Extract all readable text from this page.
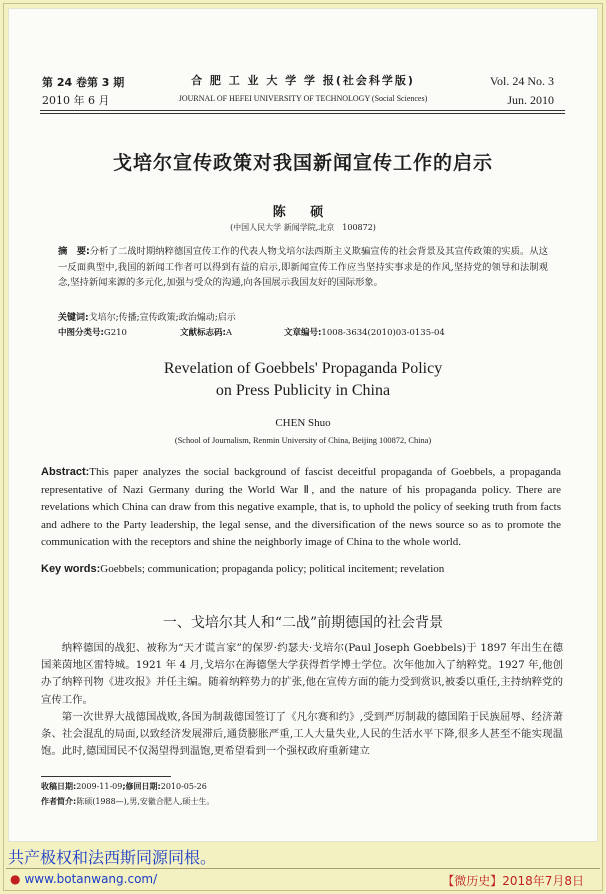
第 24 卷第 3 期
2010 年 6 月
合 肥 工 业 大 学 学 报(社会科学版)
JOURNAL OF HEFEI UNIVERSITY OF TECHNOLOGY (Social Sciences)
Vol. 24 No. 3
Jun. 2010
戈培尔宣传政策对我国新闻宣传工作的启示
陈 硕
(中国人民大学 新闻学院,北京　100872)
摘　要:分析了二战时期纳粹德国宣传工作的代表人物戈培尔法西斯主义欺骗宣传的社会背景及其宣传政策的实质。从这一反面典型中,我国的新闻工作者可以得到有益的启示,即新闻宣传工作应当坚持实事求是的作风,坚持党的领导和法制观念,坚持新闻来源的多元化,加强与受众的沟通,向各国展示我国友好的国际形象。
关键词:戈培尔;传播;宣传政策;政治煽动;启示
中图分类号:G210	文献标志码:A	文章编号:1008-3634(2010)03-0135-04
Revelation of Goebbels' Propaganda Policy
on Press Publicity in China
CHEN Shuo
(School of Journalism, Renmin University of China, Beijing 100872, China)
Abstract:This paper analyzes the social background of fascist deceitful propaganda of Goebbels, a propaganda representative of Nazi Germany during the World War Ⅱ, and the nature of his propaganda policy. There are revelations which China can draw from this negative example, that is, to uphold the policy of seeking truth from facts and adhere to the Party leadership, the legal sense, and the diversification of the news source so as to promote the communication with the receptors and shine the neighborly image of China to the whole world.
Key words:Goebbels; communication; propaganda policy; political incitement; revelation
一、戈培尔其人和“二战”前期德国的社会背景

纳粹德国的战犯、被称为“天才谎言家”的保罗·约瑟夫·戈培尔(Paul Joseph Goebbels)于 1897 年出生在德国莱茵地区雷特城。1921 年 4 月,戈培尔在海德堡大学获得哲学博士学位。次年他加入了纳粹党。1927 年,他创办了纳粹刊物《进攻报》并任主编。随着纳粹势力的扩张,他在宣传方面的能力受到赏识,被委以重任,主持纳粹党的宣传工作。

第一次世界大战德国战败,各国为制裁德国签订了《凡尔赛和约》,受到严厉制裁的德国陷于民族屈辱、经济萧条、社会混乱的局面,以致经济发展滞后,通货膨胀严重,工人大量失业,人民的生活水平下降,很多人甚至不能实现温饱。此时,德国国民不仅渴望得到温饱,更希望看到一个强权政府重新建立

收稿日期:2009-11-09;修回日期:2010-05-26
作者简介:陈硕(1988—),男,安徽合肥人,硕士生。
共产极权和法西斯同源同根。
● www.botanwang.com/	【微历史】2018年7月8日
